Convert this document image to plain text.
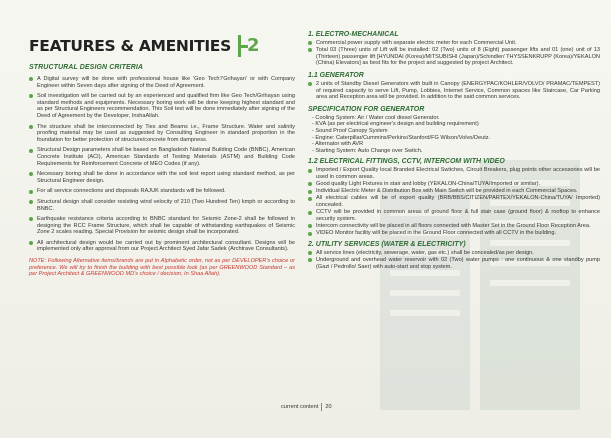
FEATURES & AMENITIES 2
STRUCTURAL DESIGN CRITERIA
A Digital survey will be done with professional house like 'Geo Tech'/'Grihayan' or with Company Engineer within Seven days after signing of the Deed of Agreement.
Soil investigation will be carried out by an experienced and qualified firm like Geo Tech/Grihayan using standard methods and equipments. Necessary boring work will be done keeping highest standard and as per Structural Engineers recommendation. This Soil test will be done immediately after signing of the Deed of Agreement by the Developer, InshaAllah.
The structure shall be interconnected by Ties and Beams i.e., Frame Structure. Water and salinity proofing material may be used as suggested by Consulting Engineer in standard proportion in the foundation for better protection of structure/concrete from dampness.
Structural Design parameters shall be based on Bangladesh National Building Code (BNBC), American Concrete Institute (ACI), American Standards of Testing Materials (ASTM) and Building Code Requirements for Reinforcement Concrete of MEO Codes (if any).
Necessary boring shall be done in accordance with the soil test report using standard method, as per Structural Engineer design.
For all service connections and disposals RAJUK standards will be followed.
Structural design shall consider resisting wind velocity of 210 (Two Hundred Ten) kmph or according to BNBC.
Earthquake resistance criteria according to BNBC standard for Seismic Zone-2 shall be followed in designing the RCC Frame Structure, which shall be capable of withstanding earthquakes of Seismic Zone 2 scales reading. Special Provision for seismic design shall be incorporated.
All architectural design would be carried out by prominent architectural consultant. Designs will be implemented only after approval from our Project Architect Syed Jafar Sadek (Archtrave Consultants).
NOTE: Following Alternative items/brands are put in Alphabetic order, not as per DEVELOPER's choice or preference. We will try to finish the building with best possible look (as per GREENWOOD Standard – as per Project Architect & GREENWOOD MD's choice / decision, In Shaa Allah).
1. ELECTRO-MECHANICAL
Commercial power supply with separate electric meter for each Commercial Unit.
Total 03 (Three) units of Lift will be installed: 02 (Two) units of 8 (Eight) passenger lifts and 01 (one) unit of 13 (Thirteen) passenger lift [HYUNDAI (Korea)/MITSUBISHI (Japan)/Schindler/ THYSSENKRUPP (Korea)/YEKALON (China) Elevators] as best fits for the project and suggested by project Architect.
1.1 GENERATOR
2 units of Standby Diesel Generators with built in Canopy (ENERGYPAC/KOHLER/VOLVO/ PRAMAC/TEMPEST) of required capacity to serve Lift, Pump, Lobbies, Internet Service, Common spaces like Staircase, Car Parking area and Reception area will be provided. In addition to the said common services.
SPECIFICATION FOR GENERATOR
- Cooling System: Air / Water cool diesel Generator.
- KVA (as per electrical engineer's design and building requirement)
- Sound Proof Canopy System
- Engine: Caterpillar/Cummins/Perkins/Stanford/FG Wilson/Volvo/Deutz.
- Alternator with AVR
- Starting System: Auto Change over Switch.
1.2 ELECTRICAL FITTINGS, CCTV, INTERCOM WITH VIDEO
Imported / Export Quality local Branded Electrical Switches, Circuit Breakers, plug points other accessories will be used in common areas.
Good quality Light Fixtures in stair and lobby (YEKALON-China/TUYA/Imported or similar).
Individual Electric Meter & Distribution Box with Main Switch will be provided in each Commercial Spaces.
All electrical cables will be of export quality (BRB/BBS/CITIZEN/PARTEX/YEKALON-China/TUYA/ Imported) concealed.
CCTV will be provided in common areas of ground floor & full stair case (ground floor) & rooftop to enhance security system.
Intercom connectivity will be placed in all floors connected with Master Set in the Ground Floor Reception Area.
VIDEO Monitor facility will be placed in the Ground Floor connected with all CCTV in the building.
2. UTILITY SERVICES (WATER & ELECTRICITY)
All service lines (electricity, sewerage, water, gas etc.) shall be concealed/as per design.
Underground and overhead water reservoir with 02 (Two) water pumps : one continuous & one standby pump (Gazi / Pedrollo/ Saer) with auto-start and stop system.
current content 20
